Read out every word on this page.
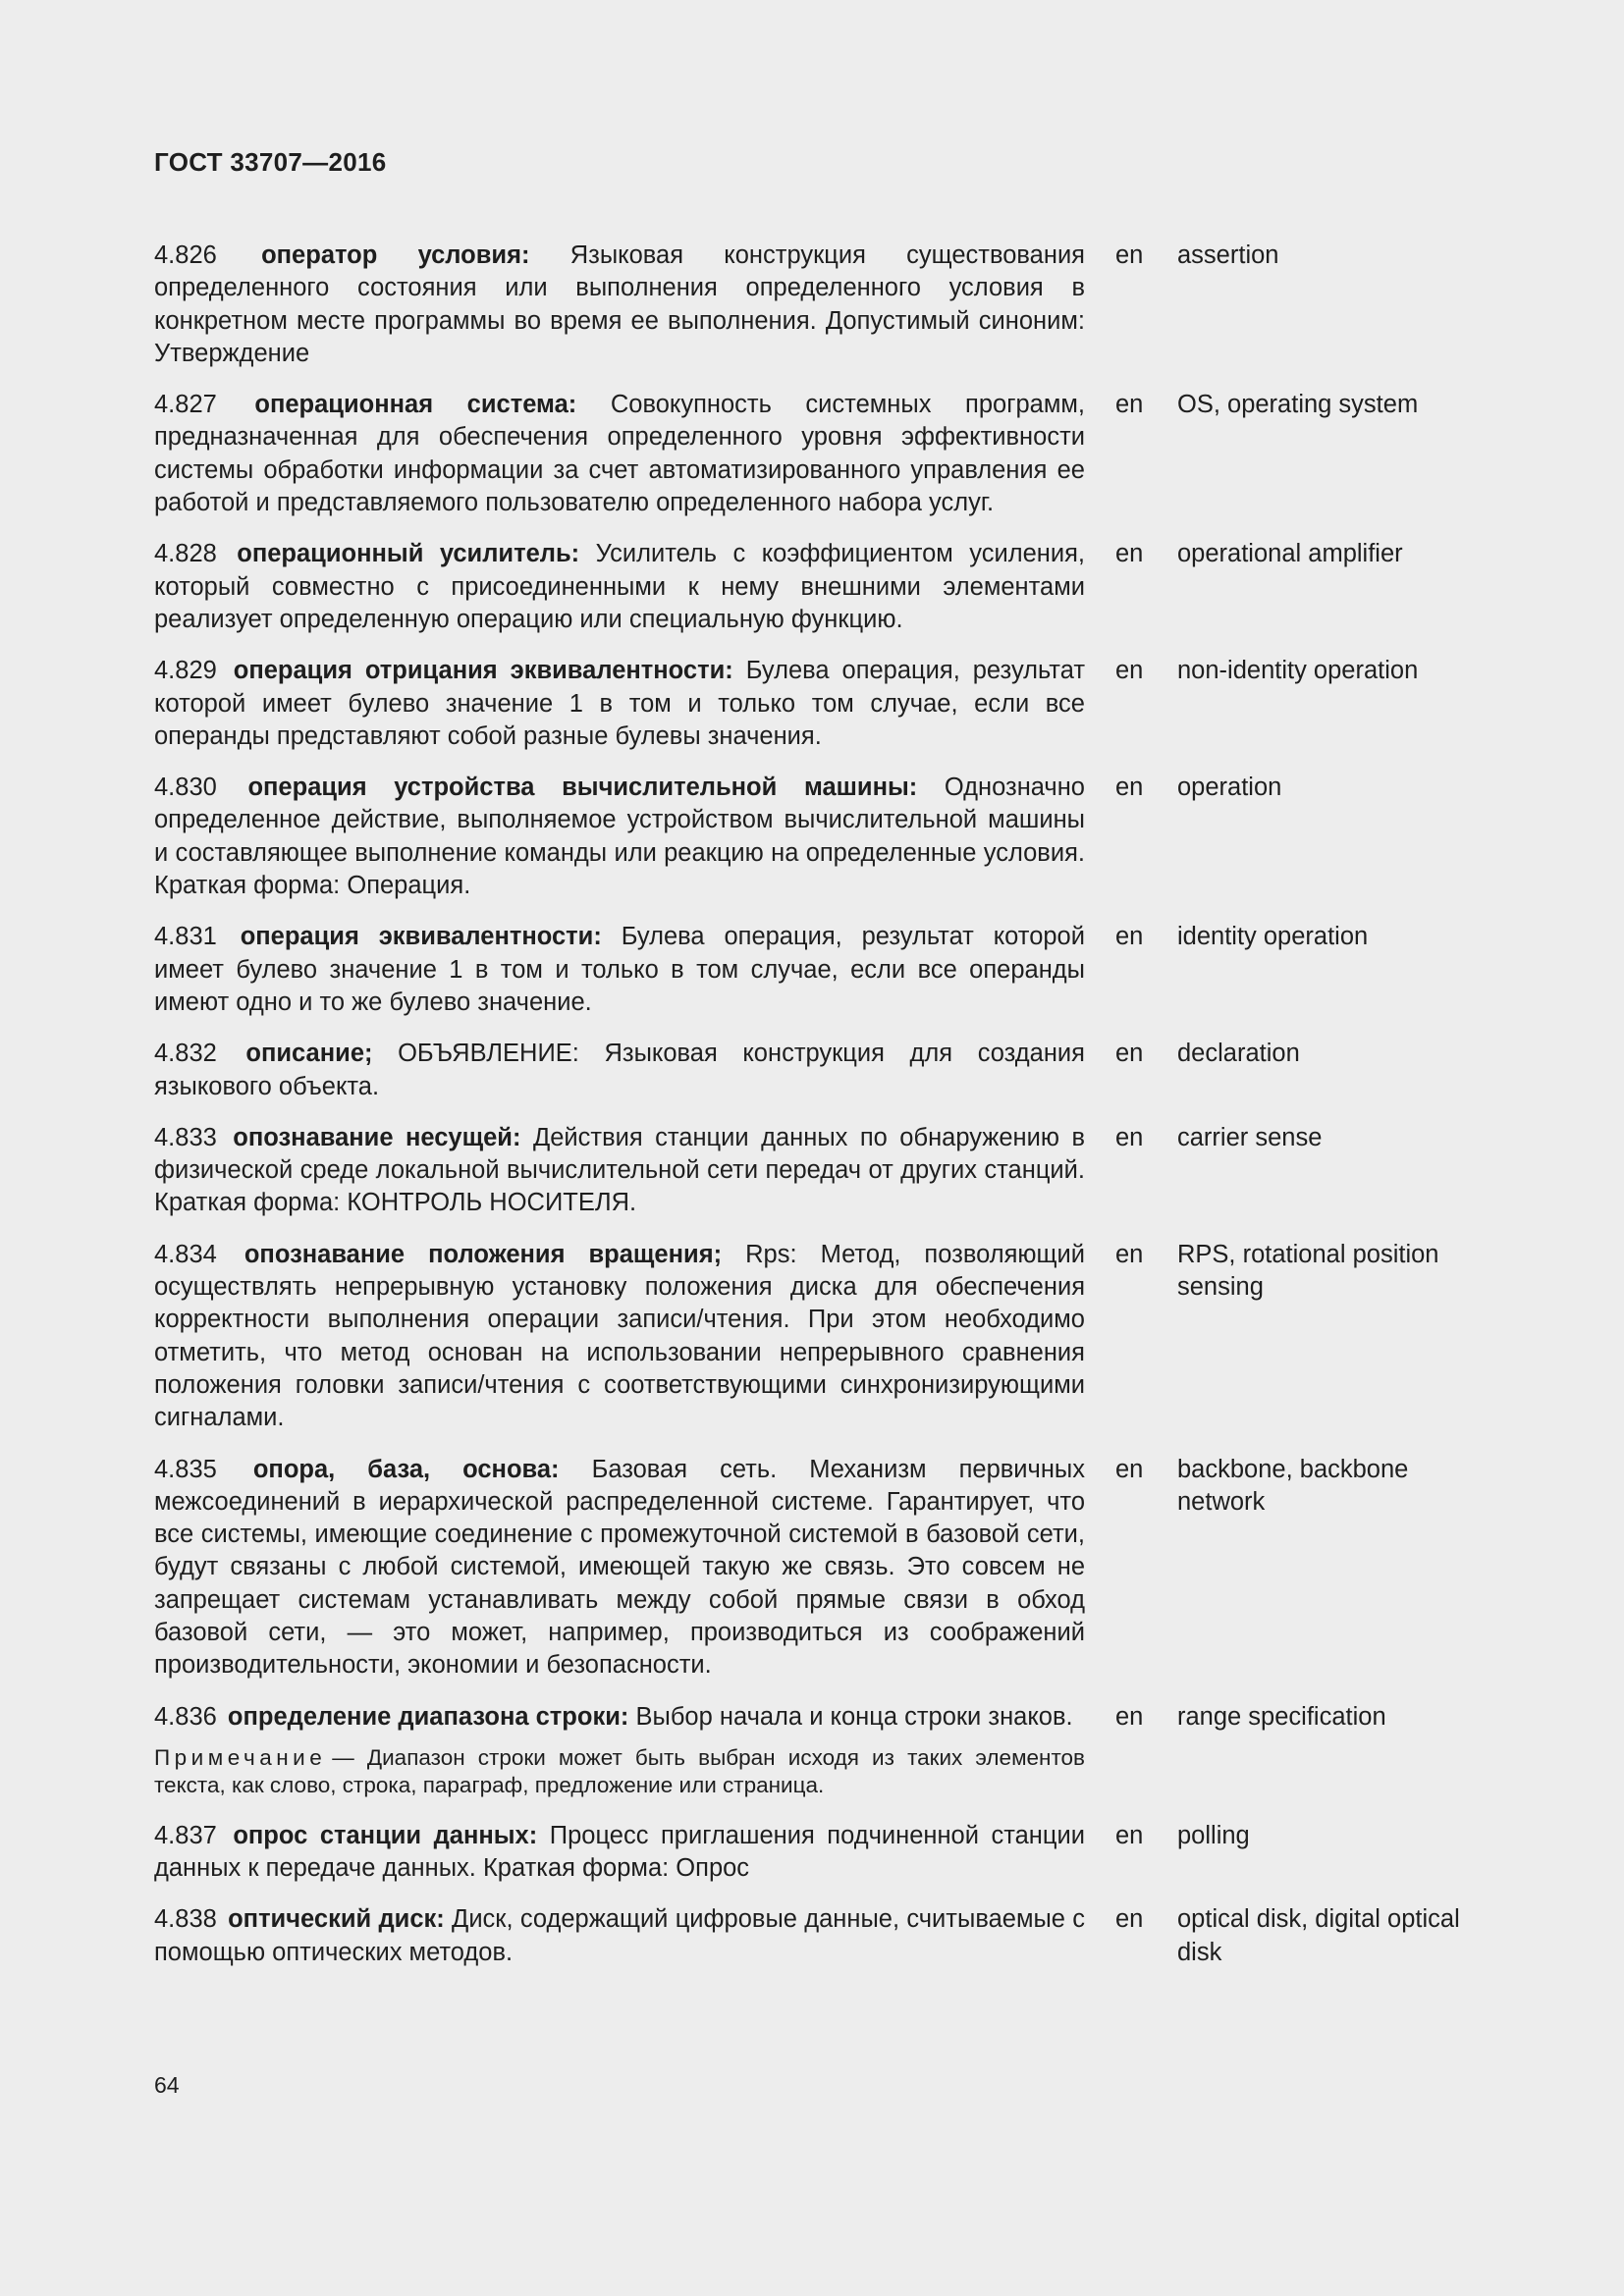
ГОСТ 33707—2016
4.826 оператор условия: Языковая конструкция существования определенного состояния или выполнения определенного условия в конкретном месте программы во время ее выполнения. Допустимый синоним: Утверждение
en assertion
4.827 операционная система: Совокупность системных программ, предназначенная для обеспечения определенного уровня эффективности системы обработки информации за счет автоматизированного управления ее работой и представляемого пользователю определенного набора услуг.
en OS, operating system
4.828 операционный усилитель: Усилитель с коэффициентом усиления, который совместно с присоединенными к нему внешними элементами реализует определенную операцию или специальную функцию.
en operational amplifier
4.829 операция отрицания эквивалентности: Булева операция, результат которой имеет булево значение 1 в том и только том случае, если все операнды представляют собой разные булевы значения.
en non-identity operation
4.830 операция устройства вычислительной машины: Однозначно определенное действие, выполняемое устройством вычислительной машины и составляющее выполнение команды или реакцию на определенные условия. Краткая форма: Операция.
en operation
4.831 операция эквивалентности: Булева операция, результат которой имеет булево значение 1 в том и только в том случае, если все операнды имеют одно и то же булево значение.
en identity operation
4.832 описание; ОБЪЯВЛЕНИЕ: Языковая конструкция для создания языкового объекта.
en declaration
4.833 опознавание несущей: Действия станции данных по обнаружению в физической среде локальной вычислительной сети передач от других станций. Краткая форма: КОНТРОЛЬ НОСИТЕЛЯ.
en carrier sense
4.834 опознавание положения вращения; Rps: Метод, позволяющий осуществлять непрерывную установку положения диска для обеспечения корректности выполнения операции записи/чтения. При этом необходимо отметить, что метод основан на использовании непрерывного сравнения положения головки записи/чтения с соответствующими синхронизирующими сигналами.
en RPS, rotational position sensing
4.835 опора, база, основа: Базовая сеть. Механизм первичных межсоединений в иерархической распределенной системе. Гарантирует, что все системы, имеющие соединение с промежуточной системой в базовой сети, будут связаны с любой системой, имеющей такую же связь. Это совсем не запрещает системам устанавливать между собой прямые связи в обход базовой сети, — это может, например, производиться из соображений производительности, экономии и безопасности.
en backbone, backbone network
4.836 определение диапазона строки: Выбор начала и конца строки знаков.	en range specification
Примечание — Диапазон строки может быть выбран исходя из таких элементов текста, как слово, строка, параграф, предложение или страница.
4.837 опрос станции данных: Процесс приглашения подчиненной станции данных к передаче данных. Краткая форма: Опрос
en polling
4.838 оптический диск: Диск, содержащий цифровые данные, считываемые с помощью оптических методов.
en optical disk, digital optical disk
64
